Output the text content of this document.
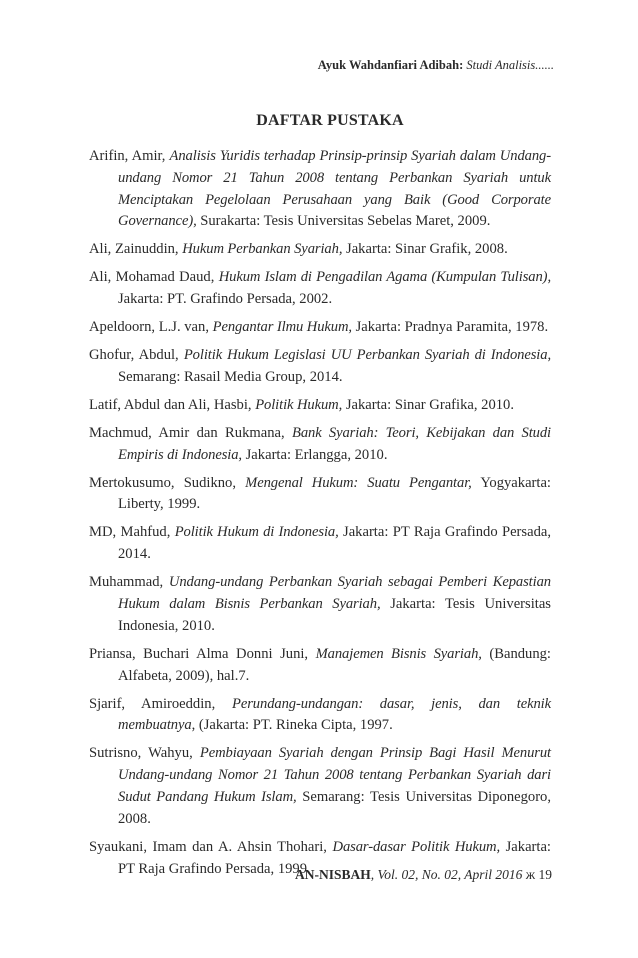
Ayuk Wahdanfiari Adibah: Studi Analisis......
DAFTAR PUSTAKA

Arifin, Amir, Analisis Yuridis terhadap Prinsip-prinsip Syariah dalam Undang-undang Nomor 21 Tahun 2008 tentang Perbankan Syariah untuk Menciptakan Pegelolaan Perusahaan yang Baik (Good Corporate Governance), Surakarta: Tesis Universitas Sebelas Maret, 2009.

Ali, Zainuddin, Hukum Perbankan Syariah, Jakarta: Sinar Grafik, 2008.

Ali, Mohamad Daud, Hukum Islam di Pengadilan Agama (Kumpulan Tulisan), Jakarta: PT. Grafindo Persada, 2002.

Apeldoorn, L.J. van, Pengantar Ilmu Hukum, Jakarta: Pradnya Paramita, 1978.

Ghofur, Abdul, Politik Hukum Legislasi UU Perbankan Syariah di Indonesia, Semarang: Rasail Media Group, 2014.

Latif, Abdul dan Ali, Hasbi, Politik Hukum, Jakarta: Sinar Grafika, 2010.

Machmud, Amir dan Rukmana, Bank Syariah: Teori, Kebijakan dan Studi Empiris di Indonesia, Jakarta: Erlangga, 2010.

Mertokusumo, Sudikno, Mengenal Hukum: Suatu Pengantar, Yogyakarta: Liberty, 1999.

MD, Mahfud, Politik Hukum di Indonesia, Jakarta: PT Raja Grafindo Persada, 2014.

Muhammad, Undang-undang Perbankan Syariah sebagai Pemberi Kepastian Hukum dalam Bisnis Perbankan Syariah, Jakarta: Tesis Universitas Indonesia, 2010.

Priansa, Buchari Alma Donni Juni, Manajemen Bisnis Syariah, (Bandung: Alfabeta, 2009), hal.7.

Sjarif, Amiroeddin, Perundang-undangan: dasar, jenis, dan teknik membuatnya, (Jakarta: PT. Rineka Cipta, 1997.

Sutrisno, Wahyu, Pembiayaan Syariah dengan Prinsip Bagi Hasil Menurut Undang-undang Nomor 21 Tahun 2008 tentang Perbankan Syariah dari Sudut Pandang Hukum Islam, Semarang: Tesis Universitas Diponegoro, 2008.

Syaukani, Imam dan A. Ahsin Thohari, Dasar-dasar Politik Hukum, Jakarta: PT Raja Grafindo Persada, 1999.

AN-NISBAH, Vol. 02, No. 02, April 2016 ж 19
